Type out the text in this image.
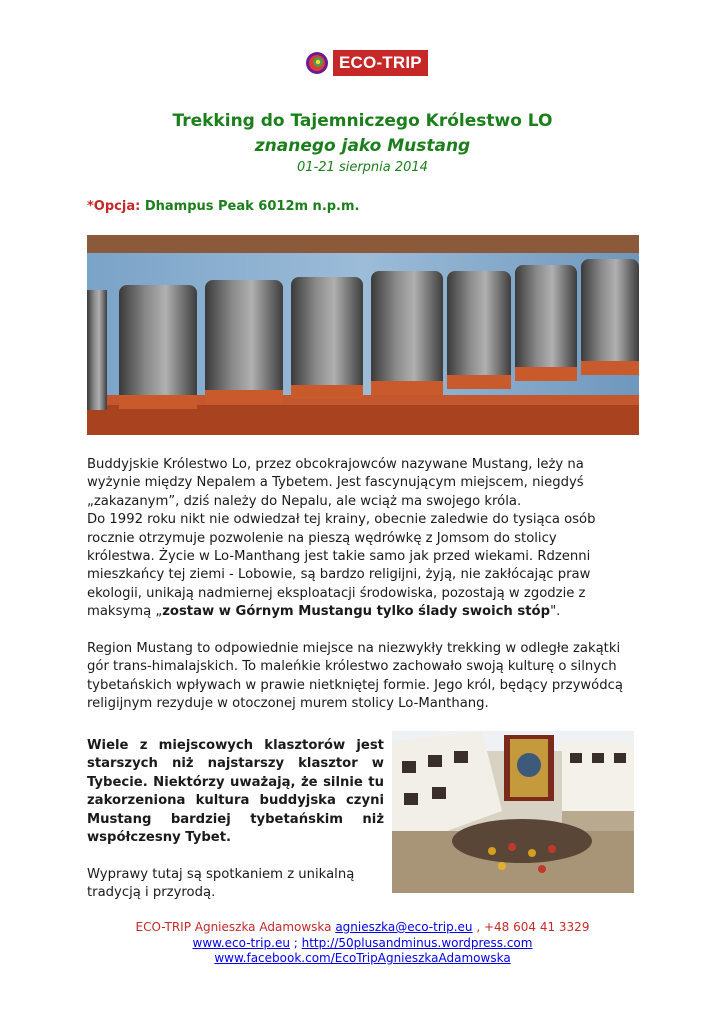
ECO-TRIP
Trekking do Tajemniczego Królestwo LO
znanego jako Mustang
01-21 sierpnia 2014
*Opcja: Dhampus Peak 6012m n.p.m.

Buddyjskie Królestwo Lo, przez obcokrajowców nazywane Mustang, leży na
wyżynie między Nepalem a Tybetem. Jest fascynującym miejscem, niegdyś
„zakazanym”, dziś należy do Nepalu, ale wciąż ma swojego króla.
Do 1992 roku nikt nie odwiedzał tej krainy, obecnie zaledwie do tysiąca osób
rocznie otrzymuje pozwolenie na pieszą wędrówkę z Jomsom do stolicy
królestwa. Życie w Lo-Manthang jest takie samo jak przed wiekami. Rdzenni
mieszkańcy tej ziemi - Lobowie, są bardzo religijni, żyją, nie zakłócając praw
ekologii, unikają nadmiernej eksploatacji środowiska, pozostają w zgodzie z
maksymą „zostaw w Górnym Mustangu tylko ślady swoich stóp".

Region Mustang to odpowiednie miejsce na niezwykły trekking w odległe zakątki
gór trans-himalajskich. To maleńkie królestwo zachowało swoją kulturę o silnych
tybetańskich wpływach w prawie nietkniętej formie. Jego król, będący przywódcą
religijnym rezyduje w otoczonej murem stolicy Lo-Manthang.

Wiele z miejscowych klasztorów jest starszych niż najstarszy klasztor w Tybecie. Niektórzy uważają, że silnie tu zakorzeniona kultura buddyjska czyni Mustang bardziej tybetańskim niż współczesny Tybet.

Wyprawy tutaj są spotkaniem z unikalną
tradycją i przyrodą.

ECO-TRIP Agnieszka Adamowska agnieszka@eco-trip.eu , +48 604 41 3329
www.eco-trip.eu ; http://50plusandminus.wordpress.com
www.facebook.com/EcoTripAgnieszkaAdamowska
